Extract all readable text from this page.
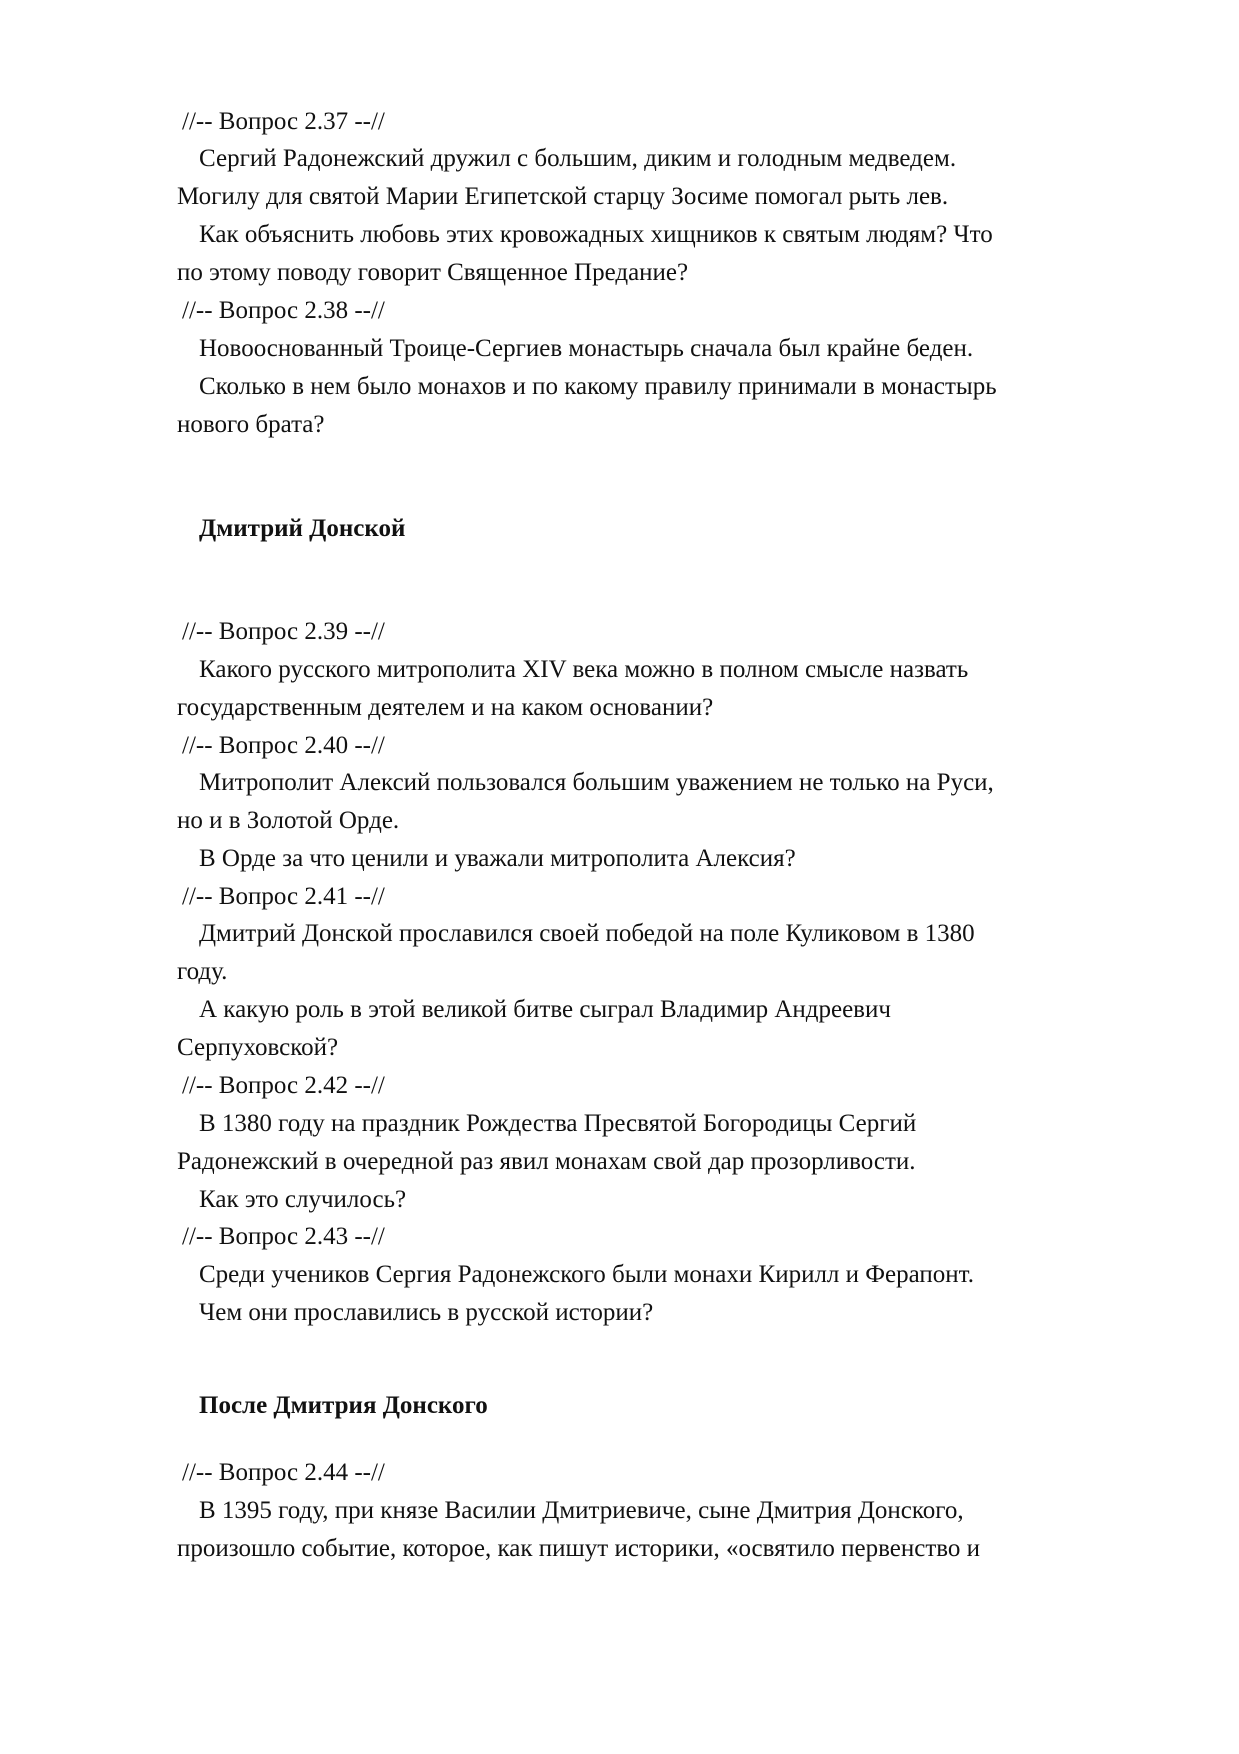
//-- Вопрос 2.37 --//
Сергий Радонежский дружил с большим, диким и голодным медведем.
Могилу для святой Марии Египетской старцу Зосиме помогал рыть лев.
Как объяснить любовь этих кровожадных хищников к святым людям? Что
по этому поводу говорит Священное Предание?
//-- Вопрос 2.38 --//
Новооснованный Троице-Сергиев монастырь сначала был крайне беден.
Сколько в нем было монахов и по какому правилу принимали в монастырь
нового брата?
Дмитрий Донской
//-- Вопрос 2.39 --//
Какого русского митрополита XIV века можно в полном смысле назвать
государственным деятелем и на каком основании?
//-- Вопрос 2.40 --//
Митрополит Алексий пользовался большим уважением не только на Руси,
но и в Золотой Орде.
В Орде за что ценили и уважали митрополита Алексия?
//-- Вопрос 2.41 --//
Дмитрий Донской прославился своей победой на поле Куликовом в 1380
году.
А какую роль в этой великой битве сыграл Владимир Андреевич
Серпуховской?
//-- Вопрос 2.42 --//
В 1380 году на праздник Рождества Пресвятой Богородицы Сергий
Радонежский в очередной раз явил монахам свой дар прозорливости.
Как это случилось?
//-- Вопрос 2.43 --//
Среди учеников Сергия Радонежского были монахи Кирилл и Ферапонт.
Чем они прославились в русской истории?
После Дмитрия Донского
//-- Вопрос 2.44 --//
В 1395 году, при князе Василии Дмитриевиче, сыне Дмитрия Донского,
произошло событие, которое, как пишут историки, «освятило первенство и
